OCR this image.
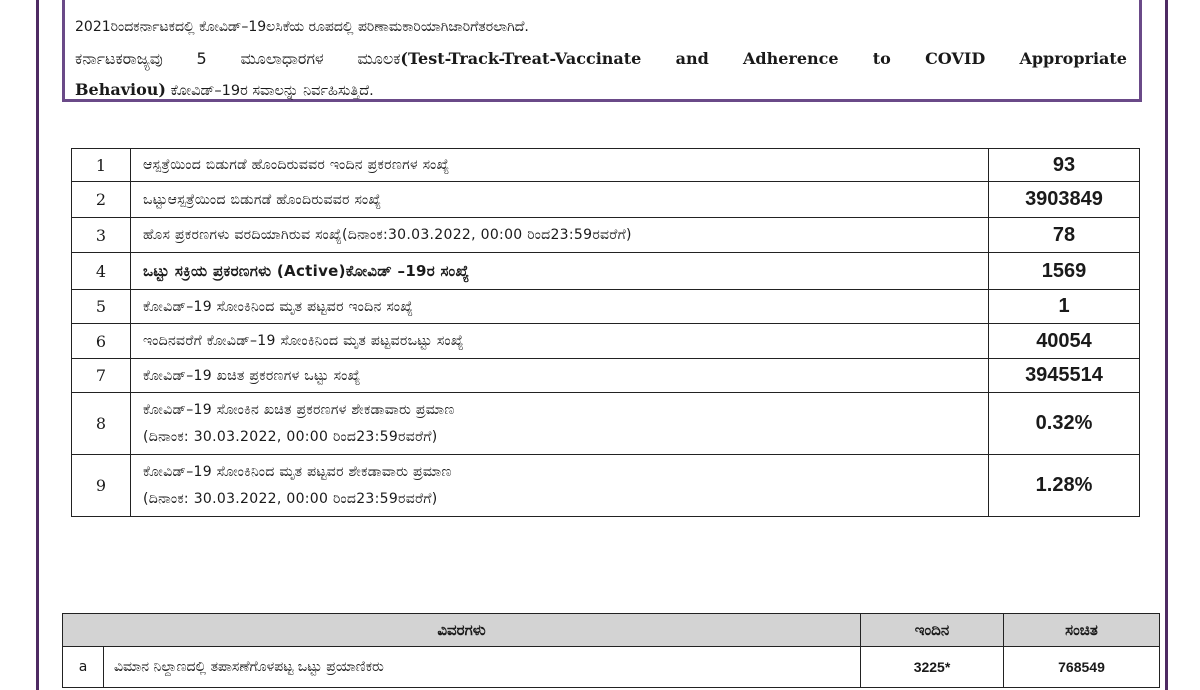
2021ರಿಂದಕರ್ನಾಟಕದಲ್ಲಿ ಕೋವಿಡ್–19ಲಸಿಕೆಯ ರೂಪದಲ್ಲಿ ಪರಿಣಾಮಕಾರಿಯಾಗಿಜಾರಿಗೆತರಲಾಗಿದೆ.

ಕರ್ನಾಟಕರಾಜ್ಯವು 5 ಮೂಲಾಧಾರಗಳ ಮೂಲಕ(Test-Track-Treat-Vaccinate and Adherence to COVID Appropriate

Behaviou) ಕೋವಿಡ್–19ರ ಸವಾಲನ್ನು ನಿರ್ವಹಿಸುತ್ತಿದೆ.

1	ಆಸ್ಪತ್ರೆಯಿಂದ ಬಿಡುಗಡೆ ಹೊಂದಿರುವವರ ಇಂದಿನ ಪ್ರಕರಣಗಳ ಸಂಖ್ಯೆ	93
2	ಒಟ್ಟುಆಸ್ಪತ್ರೆಯಿಂದ ಬಿಡುಗಡೆ ಹೊಂದಿರುವವರ ಸಂಖ್ಯೆ	3903849
3	ಹೊಸ ಪ್ರಕರಣಗಳು ವರದಿಯಾಗಿರುವ ಸಂಖ್ಯೆ(ದಿನಾಂಕ:30.03.2022, 00:00 ರಿಂದ23:59ರವರೆಗೆ)	78
4	ಒಟ್ಟು ಸಕ್ರಿಯ ಪ್ರಕರಣಗಳು (Active)ಕೋವಿಡ್ –19ರ ಸಂಖ್ಯೆ	1569
5	ಕೋವಿಡ್–19 ಸೋಂಕಿನಿಂದ ಮೃತ ಪಟ್ಟವರ ಇಂದಿನ ಸಂಖ್ಯೆ	1
6	ಇಂದಿನವರೆಗೆ ಕೋವಿಡ್–19 ಸೋಂಕಿನಿಂದ ಮೃತ ಪಟ್ಟವರಒಟ್ಟು ಸಂಖ್ಯೆ	40054
7	ಕೋವಿಡ್–19 ಖಚಿತ ಪ್ರಕರಣಗಳ ಒಟ್ಟು ಸಂಖ್ಯೆ	3945514
8	ಕೋವಿಡ್–19 ಸೋಂಕಿನ ಖಚಿತ ಪ್ರಕರಣಗಳ ಶೇಕಡಾವಾರು ಪ್ರಮಾಣ
(ದಿನಾಂಕ: 30.03.2022, 00:00 ರಿಂದ23:59ರವರೆಗೆ)	0.32%
9	ಕೋವಿಡ್–19 ಸೋಂಕಿನಿಂದ ಮೃತ ಪಟ್ಟವರ ಶೇಕಡಾವಾರು ಪ್ರಮಾಣ
(ದಿನಾಂಕ: 30.03.2022, 00:00 ರಿಂದ23:59ರವರೆಗೆ)	1.28%
ವಿವರಗಳು		ಇಂದಿನ	ಸಂಚಿತ
a	ವಿಮಾನ ನಿಲ್ದಾಣದಲ್ಲಿ ತಪಾಸಣೆಗೊಳಪಟ್ಟ ಒಟ್ಟು ಪ್ರಯಾಣಿಕರು	3225*	768549
